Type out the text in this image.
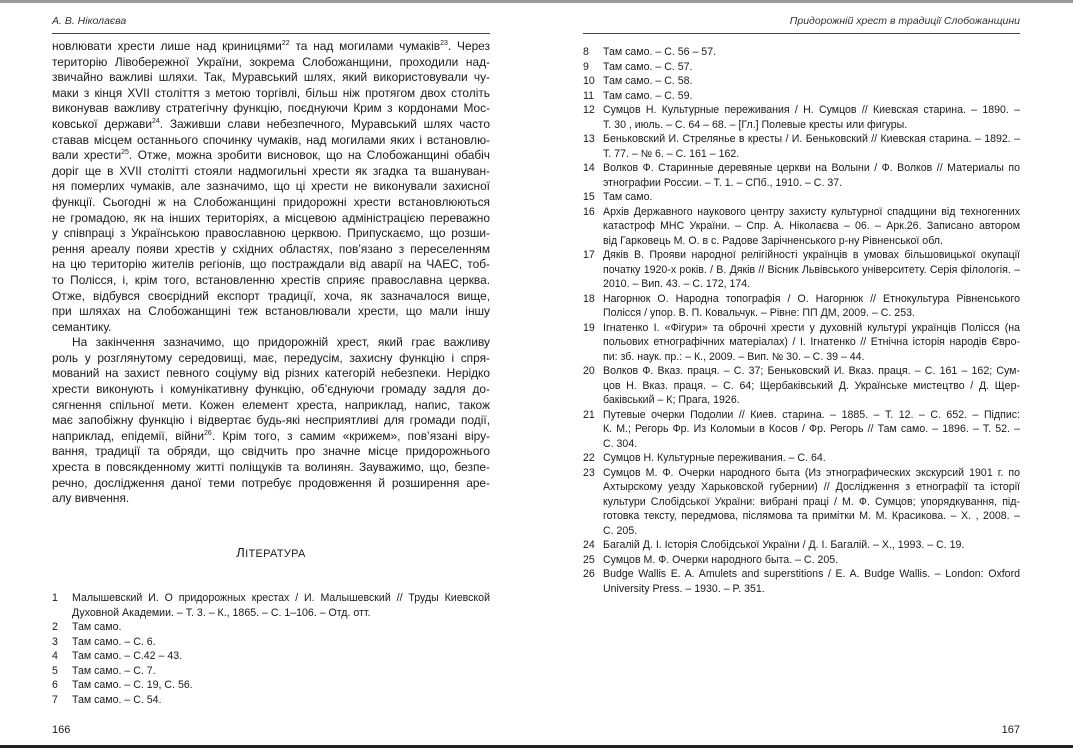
А. В. Ніколаєва
новлювати хрести лише над криницями$^{22}$ та над могилами чумаків$^{23}$. Через
територію Лівобережної України, зокрема Слобожанщини, проходили над-
звичайно важливі шляхи. Так, Муравський шлях, який використовували чу-
маки з кінця XVII століття з метою торгівлі, більш ніж протягом двох століть
виконував важливу стратегічну функцію, поєднуючи Крим з кордонами Мос-
ковської держави$^{24}$. Заживши слави небезпечного, Муравський шлях часто
ставав місцем останнього спочинку чумаків, над могилами яких і встановлю-
вали хрести$^{25}$. Отже, можна зробити висновок, що на Слобожанщині обабіч
доріг ще в XVII столітті стояли надмогильні хрести як згадка та вшануван-
ня померлих чумаків, але зазначимо, що ці хрести не виконували захисної
функції. Сьогодні ж на Слобожанщині придорожні хрести встановлюються
не громадою, як на інших територіях, а місцевою адміністрацією переважно
у співпраці з Українською православною церквою. Припускаємо, що розши-
рення ареалу появи хрестів у східних областях, пов’язано з переселенням
на цю територію жителів регіонів, що постраждали від аварії на ЧАЕС, тоб-
то Полісся, і, крім того, встановленню хрестів сприяє православна церква.
Отже, відбувся своєрідний експорт традиції, хоча, як зазначалося вище,
при шляхах на Слобожанщині теж встановлювали хрести, що мали іншу
семантику.
На закінчення зазначимо, що придорожній хрест, який грає важливу
роль у розглянутому середовищі, має, передусім, захисну функцію і спря-
мований на захист певного соціуму від різних категорій небезпеки. Нерідко
хрести виконують і комунікативну функцію, об’єднуючи громаду задля до-
сягнення спільної мети. Кожен елемент хреста, наприклад, напис, також
має запобіжну функцію і відвертає будь-які несприятливі для громади події,
наприклад, епідемії, війни$^{26}$. Крім того, з самим «крижем», пов’язані віру-
вання, традиції та обряди, що свідчить про значне місце придорожнього
хреста в повсякденному житті поліщуків та волинян. Зауважимо, що, безпе-
речно, дослідження даної теми потребує продовження й розширення аре-
алу вивчення.
ЛІТЕРАТУРА
1	Малышевский И. О придорожных крестах / И. Малышевский // Труды Киевской
Духовной Академии. – Т. 3. – К., 1865. – С. 1–106. – Отд. отт.
2	Там само.
3	Там само. – С. 6.
4	Там само. – С.42 – 43.
5	Там само. – С. 7.
6	Там само. – С. 19, С. 56.
7	Там само. – С. 54.
166
Придорожній хрест в традиції Слобожанщини
8	Там само. – С. 56 – 57.
9	Там само. – С. 57.
10 Там само. – С. 58.
11 Там само. – С. 59.
12 Сумцов Н. Культурные переживания / Н. Сумцов // Киевская старина. – 1890. –
Т. 30 , июль. – С. 64 – 68. – [Гл.] Полевые кресты или фигуры.
13 Беньковский И. Стрелянье в кресты / И. Беньковский // Киевская старина. – 1892. –
Т. 77. – № 6. – С. 161 – 162.
14 Волков Ф. Старинные деревяные церкви на Волыни / Ф. Волков // Материалы по
этнографии России. – Т. 1. – СПб., 1910. – С. 37.
15 Там само.
16 Архів Державного наукового центру захисту культурної спадщини від техногенних
катастроф МНС України. – Спр. А. Ніколаєва – 06. – Арк.26. Записано автором
від Гарковець М. О. в с. Радове Зарічненського р-ну Рівненської обл.
17 Дяків В. Прояви народної релігійності українців в умовах більшовицької окупації
початку 1920-х років. / В. Дяків // Вісник Львівського університету. Серія філологія. –
2010. – Вип. 43. – С. 172, 174.
18 Нагорнюк О. Народна топографія / О. Нагорнюк // Етнокультура Рівненського
Полісся / упор. В. П. Ковальчук. – Рівне: ПП ДМ, 2009. – С. 253.
19 Ігнатенко І. «Фігури» та оброчні хрести у духовній культурі українців Полісся (на
польових етнографічних матеріалах) / І. Ігнатенко // Етнічна історія народів Євро-
пи: зб. наук. пр.: – К., 2009. – Вип. № 30. – С. 39 – 44.
20 Волков Ф. Вказ. праця. – С. 37; Беньковский И. Вказ. праця. – С. 161 – 162; Сум-
цов Н. Вказ. праця. – С. 64; Щербаківський Д. Українське мистецтво / Д. Щер-
баківський – К; Прага, 1926.
21 Путевые очерки Подолии // Киев. старина. – 1885. – Т. 12. – С. 652. – Підпис:
К. М.; Регорь Фр. Из Коломыи в Косов / Фр. Регорь // Там само. – 1896. – Т. 52. –
С. 304.
22 Сумцов Н. Культурные переживания. – С. 64.
23 Сумцов М. Ф. Очерки народного быта (Из этнографических экскурсий 1901 г. по
Ахтырскому уезду Харьковской губернии) // Дослідження з етнографії та історії
культури Слобідської України: вибрані праці / М. Ф. Сумцов; упорядкування, під-
готовка тексту, передмова, післямова та примітки М. М. Красикова. – Х. , 2008. –
С. 205.
24 Багалій Д. І. Історія Слобідської України / Д. І. Багалій. – Х., 1993. – С. 19.
25 Сумцов М. Ф. Очерки народного быта. – С. 205.
26 Budge Wallis E. A. Amulets and superstitions / E. A. Budge Wallis. – London: Oxford
University Press. – 1930. – P. 351.
167
